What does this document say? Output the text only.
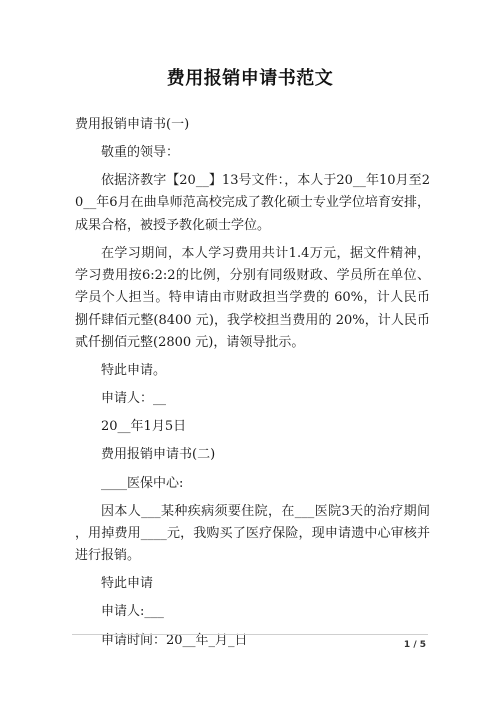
费用报销申请书范文

费用报销申请书(一)

敬重的领导：

依据济教字【20__】13号文件：，本人于20__年10月至20__年6月在曲阜师范高校完成了教化硕士专业学位培育安排，成果合格，被授予教化硕士学位。

在学习期间，本人学习费用共计1.4万元，据文件精神，学习费用按6:2:2的比例，分别有同级财政、学员所在单位、学员个人担当。特申请由市财政担当学费的 60%，计人民币捌仟肆佰元整(8400 元)，我学校担当费用的 20%，计人民币贰仟捌佰元整(2800 元)，请领导批示。

特此申请。

申请人：__

20__年1月5日

费用报销申请书(二)

____医保中心:

因本人___某种疾病须要住院，在___医院3天的治疗期间，用掉费用____元，我购买了医疗保险，现申请遗中心审核并进行报销。

特此申请

申请人:___

申请时间：20__年_月_日	1 / 5
